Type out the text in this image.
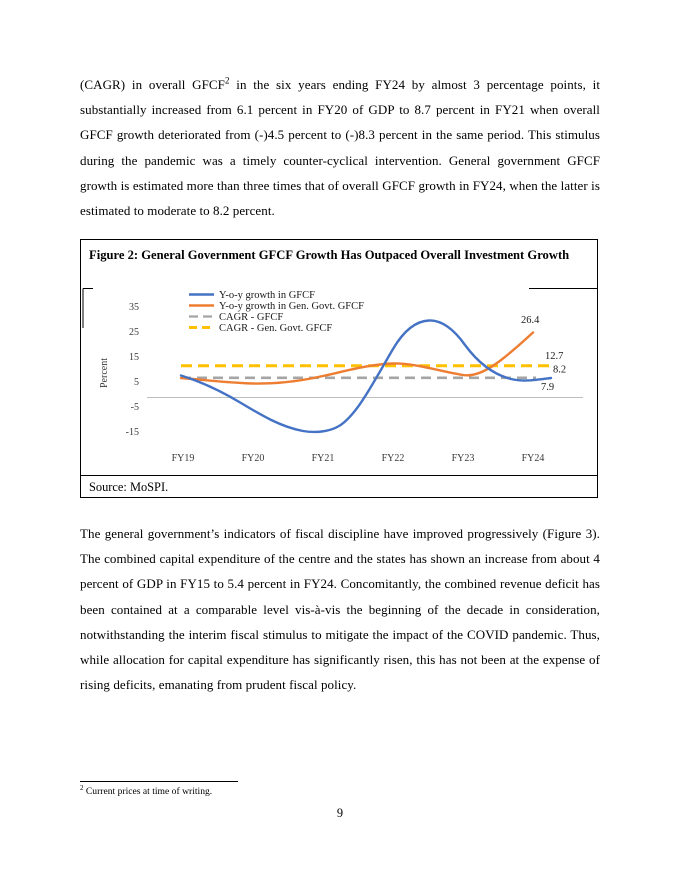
(CAGR) in overall GFCF$^2$ in the six years ending FY24 by almost 3 percentage points, it substantially increased from 6.1 percent in FY20 of GDP to 8.7 percent in FY21 when overall GFCF growth deteriorated from (-)4.5 percent to (-)8.3 percent in the same period. This stimulus during the pandemic was a timely counter-cyclical intervention. General government GFCF growth is estimated more than three times that of overall GFCF growth in FY24, when the latter is estimated to moderate to 8.2 percent.

Figure 2: General Government GFCF Growth Has Outpaced Overall Investment Growth
35
25
15
5
-5
-15
Percent
FY19	FY20	FY21	FY22	FY23	FY24
26.4
12.7
8.2
7.9
Y-o-y growth in GFCF
Y-o-y growth in Gen. Govt. GFCF
CAGR - GFCF
CAGR - Gen. Govt. GFCF
Source: MoSPI.

The general government’s indicators of fiscal discipline have improved progressively (Figure 3). The combined capital expenditure of the centre and the states has shown an increase from about 4 percent of GDP in FY15 to 5.4 percent in FY24. Concomitantly, the combined revenue deficit has been contained at a comparable level vis-à-vis the beginning of the decade in consideration, notwithstanding the interim fiscal stimulus to mitigate the impact of the COVID pandemic. Thus, while allocation for capital expenditure has significantly risen, this has not been at the expense of rising deficits, emanating from prudent fiscal policy.

$^2$ Current prices at time of writing.
9
